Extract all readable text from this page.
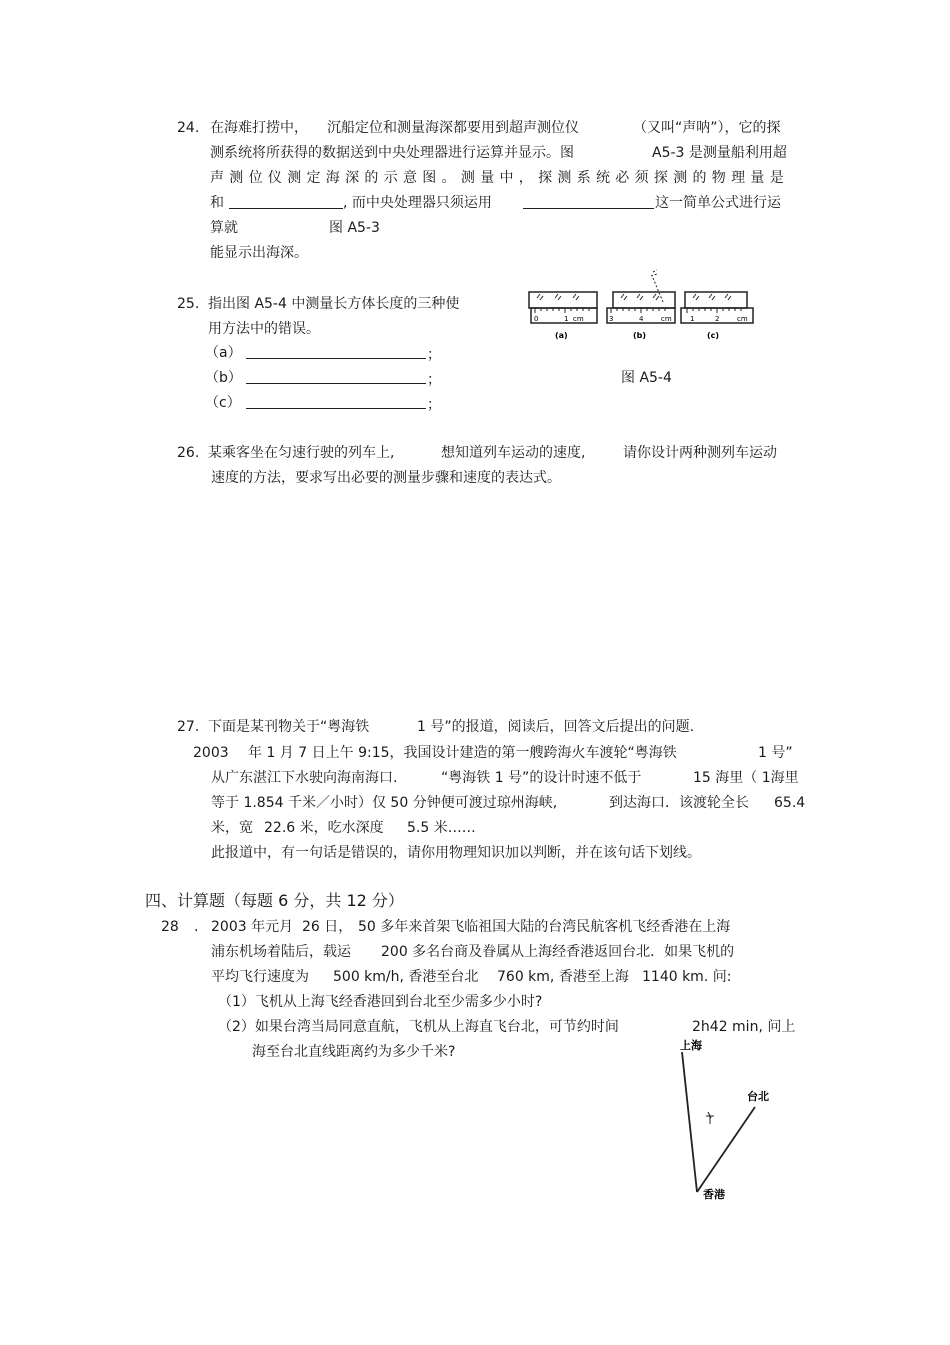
24. 在海难打捞中， 沉船定位和测量海深都要用到超声测位仪	（又叫“声呐”），它的探
测系统将所获得的数据送到中央处理器进行运算并显示。图	A5-3 是测量船利用超
声测位仪测定海深的示意图。测量中，探测系统必须探测的物理量是
和	, 而中央处理器只须运用	这一简单公式进行运
算就	图 A5-3
能显示出海深。
25. 指出图 A5-4 中测量长方体长度的三种使
用方法中的错误。
（a）	；
（b）	；
（c）	；
0	1 cm
(a)
3	4	cm
(b)
1	2	cm
(c)
图 A5-4
26. 某乘客坐在匀速行驶的列车上,	想知道列车运动的速度,	请你设计两种测列车运动
速度的方法，要求写出必要的测量步骤和速度的表达式。
27. 下面是某刊物关于“粤海铁	1 号”的报道，阅读后，回答文后提出的问题.
2003 年 1 月 7 日上午 9:15，我国设计建造的第一艘跨海火车渡轮“粤海铁	1 号”
从广东湛江下水驶向海南海口.	“粤海铁 1 号”的设计时速不低于	15 海里（ 1海里
等于 1.854 千米／小时）仅 50 分钟便可渡过琼州海峡,	到达海口．该渡轮全长 65.4
米，宽 22.6 米，吃水深度 5.5 米……
此报道中，有一句话是错误的，请你用物理知识加以判断，并在该句话下划线。
四、计算题（每题 6 分，共 12 分）
28 . 2003 年元月 26 日， 50 多年来首架飞临祖国大陆的台湾民航客机飞经香港在上海
浦东机场着陆后，载运 200 多名台商及眷属从上海经香港返回台北．如果飞机的
平均飞行速度为 500 km/h, 香港至台北 760 km, 香港至上海 1140 km. 问:
（1）飞机从上海飞经香港回到台北至少需多少小时?
（2）如果台湾当局同意直航，飞机从上海直飞台北，可节约时间	2h42 min, 问上
海至台北直线距离约为多少千米?	上海
台北
香港
